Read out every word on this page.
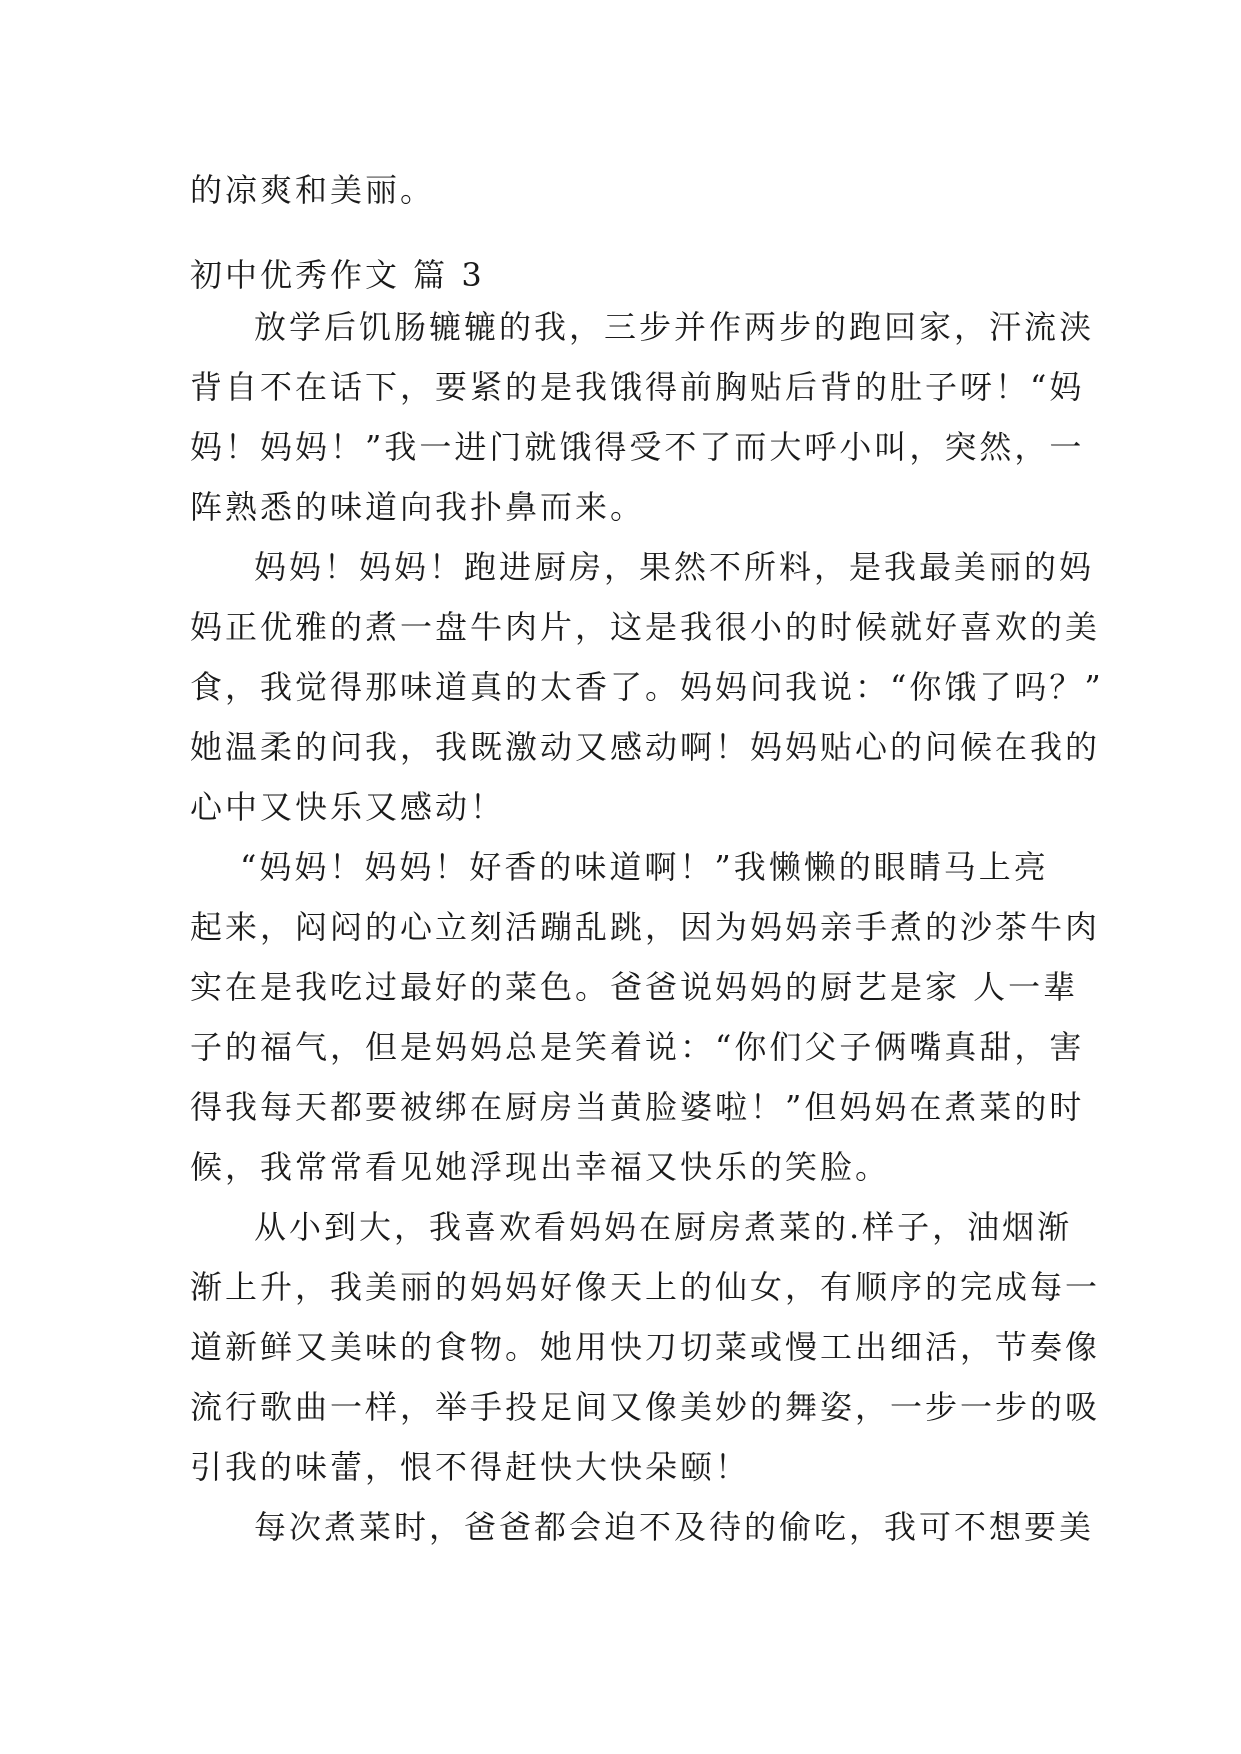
的凉爽和美丽。
初中优秀作文 篇 3
放学后饥肠辘辘的我，三步并作两步的跑回家，汗流浃
背自不在话下，要紧的是我饿得前胸贴后背的肚子呀！“妈
妈！妈妈！”我一进门就饿得受不了而大呼小叫，突然，一
阵熟悉的味道向我扑鼻而来。
妈妈！妈妈！跑进厨房，果然不所料，是我最美丽的妈
妈正优雅的煮一盘牛肉片，这是我很小的时候就好喜欢的美
食，我觉得那味道真的太香了。妈妈问我说：“你饿了吗？”
她温柔的问我，我既激动又感动啊！妈妈贴心的问候在我的
心中又快乐又感动！
“妈妈！妈妈！好香的味道啊！”我懒懒的眼睛马上亮
起来，闷闷的心立刻活蹦乱跳，因为妈妈亲手煮的沙茶牛肉
实在是我吃过最好的菜色。爸爸说妈妈的厨艺是家 人一辈
子的福气，但是妈妈总是笑着说：“你们父子俩嘴真甜，害
得我每天都要被绑在厨房当黄脸婆啦！”但妈妈在煮菜的时
候，我常常看见她浮现出幸福又快乐的笑脸。
从小到大，我喜欢看妈妈在厨房煮菜的.样子，油烟渐
渐上升，我美丽的妈妈好像天上的仙女，有顺序的完成每一
道新鲜又美味的食物。她用快刀切菜或慢工出细活，节奏像
流行歌曲一样，举手投足间又像美妙的舞姿，一步一步的吸
引我的味蕾，恨不得赶快大快朵颐！
每次煮菜时，爸爸都会迫不及待的偷吃，我可不想要美
